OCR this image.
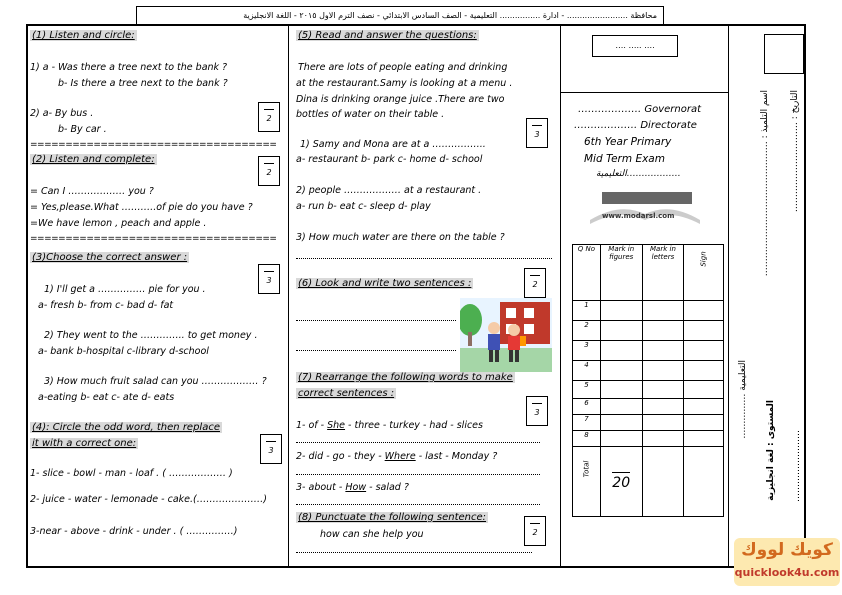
محافظة ........................ - ادارة ................ التعليمية - الصف السادس الابتدائي - نصف الترم الاول ٢٠١٥ - اللغة الانجليزية
(1) Listen and circle:
1) a - Was there a tree next to the bank ?
b- Is there a tree next to the bank ?
2) a- By bus .
b- By car .
2
===================================
(2) Listen and complete:
2
= Can I ……………… you ?
= Yes,please.What ………..of pie do you have ?
=We have lemon , peach and apple .
===================================
(3)Choose the correct answer :
3
1) I'll get a …………… pie for you .
a- fresh b- from c- bad d- fat
2) They went to the ………….. to get money .
a- bank b-hospital c-library d-school
3) How much fruit salad can you ……………… ?
a-eating b- eat c- ate d- eats
(4): Circle the odd word, then replace
it with a correct one:
3
1- slice - bowl - man - loaf . ( ……………… )
2- juice - water - lemonade - cake.(…………………)
3-near - above - drink - under . ( ……………)
(5) Read and answer the questions:
There are lots of people eating and drinking
at the restaurant.Samy is looking at a menu .
Dina is drinking orange juice .There are two
bottles of water on their table .
3
1) Samy and Mona are at a ……………..
a- restaurant b- park c- home d- school
2) people ……………… at a restaurant .
a- run b- eat c- sleep d- play
3) How much water are there on the table ?
(6) Look and write two sentences :	2
(7) Rearrange the following words to make
correct sentences :
3
1- of - She - three - turkey - had - slices
2- did - go - they - Where - last - Monday ?
3- about - How - salad ?
(8) Punctuate the following sentence:
2
how can she help you
…. ….. ….
………………. Governorat
………………. Directorate
6th Year Primary
Mid Term Exam
………………التعليمية
www.modarsl.com
Q No	Mark in figures	Mark in letters	Sign
1			
2			
3			
4			
5			
6			
7			
8			
Total	20		
اسم التلميذ : ……………………………………… التاريخ : …………………………
التعليمية ……………
المستوى : لغة انجليزية ……………………
كويك لووك
quicklook4u.com
